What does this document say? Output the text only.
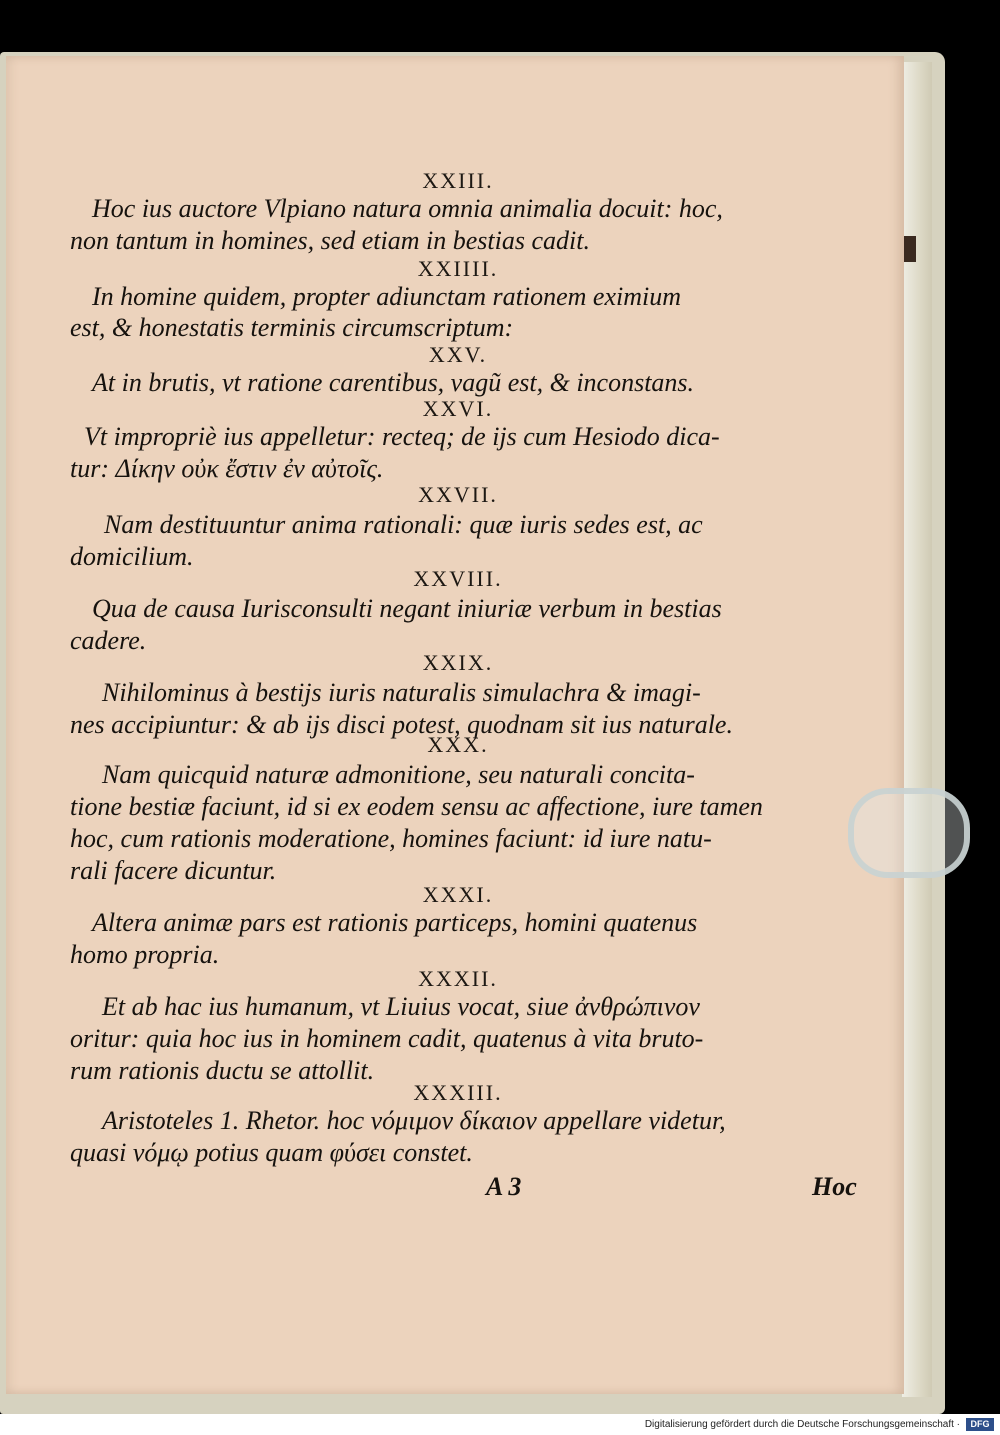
XXIII.
Hoc ius auctore Vlpiano natura omnia animalia docuit: hoc,
non tantum in homines, sed etiam in bestias cadit.
XXIIII.
In homine quidem, propter adiunctam rationem eximium
est, & honestatis terminis circumscriptum:
XXV.
At in brutis, vt ratione carentibus, vagũ est, & inconstans.
XXVI.
Vt impropriè ius appelletur: recteq; de ijs cum Hesiodo dica-
tur: Δίκην οὐκ ἔστιν ἐν αὐτοῖς.
XXVII.
Nam destituuntur anima rationali: quæ iuris sedes est, ac
domicilium.
XXVIII.
Qua de causa Iurisconsulti negant iniuriæ verbum in bestias
cadere.
XXIX.
Nihilominus à bestijs iuris naturalis simulachra & imagi-
nes accipiuntur: & ab ijs disci potest, quodnam sit ius naturale.
XXX.
Nam quicquid naturæ admonitione, seu naturali concita-
tione bestiæ faciunt, id si ex eodem sensu ac affectione, iure tamen
hoc, cum rationis moderatione, homines faciunt: id iure natu-
rali facere dicuntur.
XXXI.
Altera animæ pars est rationis particeps, homini quatenus
homo propria.
XXXII.
Et ab hac ius humanum, vt Liuius vocat, siue ἀνθρώπινον
oritur: quia hoc ius in hominem cadit, quatenus à vita bruto-
rum rationis ductu se attollit.
XXXIII.
Aristoteles 1. Rhetor. hoc νόμιμον δίκαιον appellare videtur,
quasi νόμῳ potius quam φύσει constet.
A 3	Hoc
Digitalisierung gefördert durch die Deutsche Forschungsgemeinschaft ·	DFG
